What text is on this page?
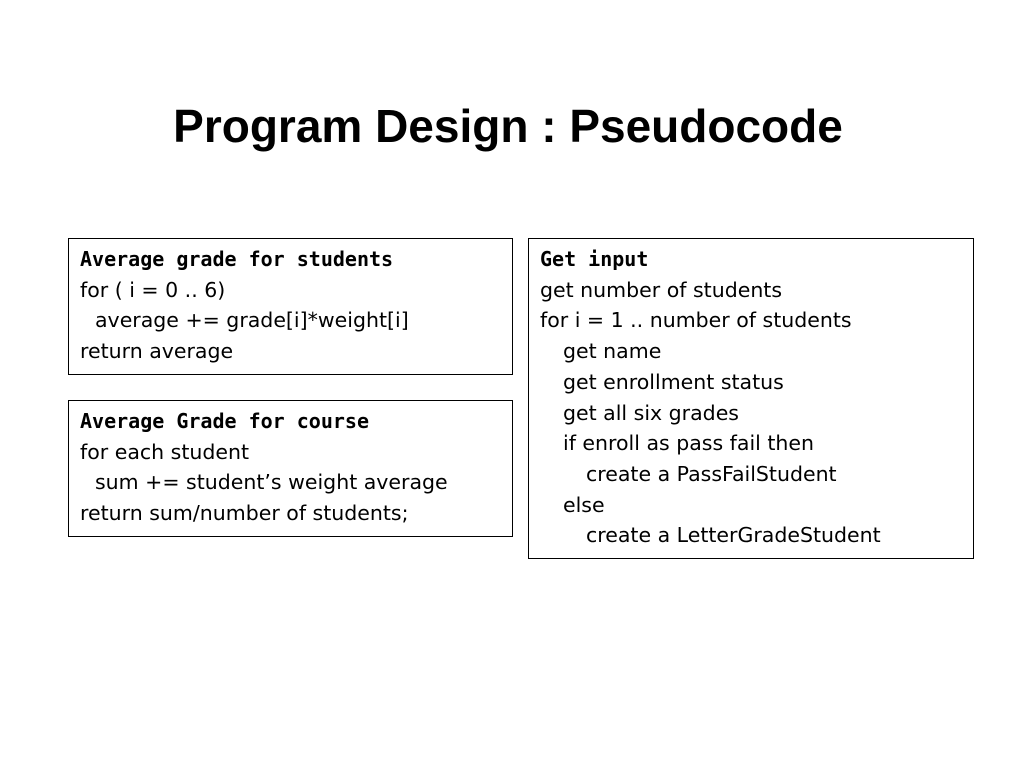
Program Design : Pseudocode
Average grade for students
for ( i = 0 .. 6)
average += grade[i]*weight[i]
return average
Average Grade for course
for each student
sum += student’s weight average
return sum/number of students;
Get input
get number of students
for i = 1 .. number of students
get name
get enrollment status
get all six grades
if enroll as pass fail then
create a PassFailStudent
else
create a LetterGradeStudent
